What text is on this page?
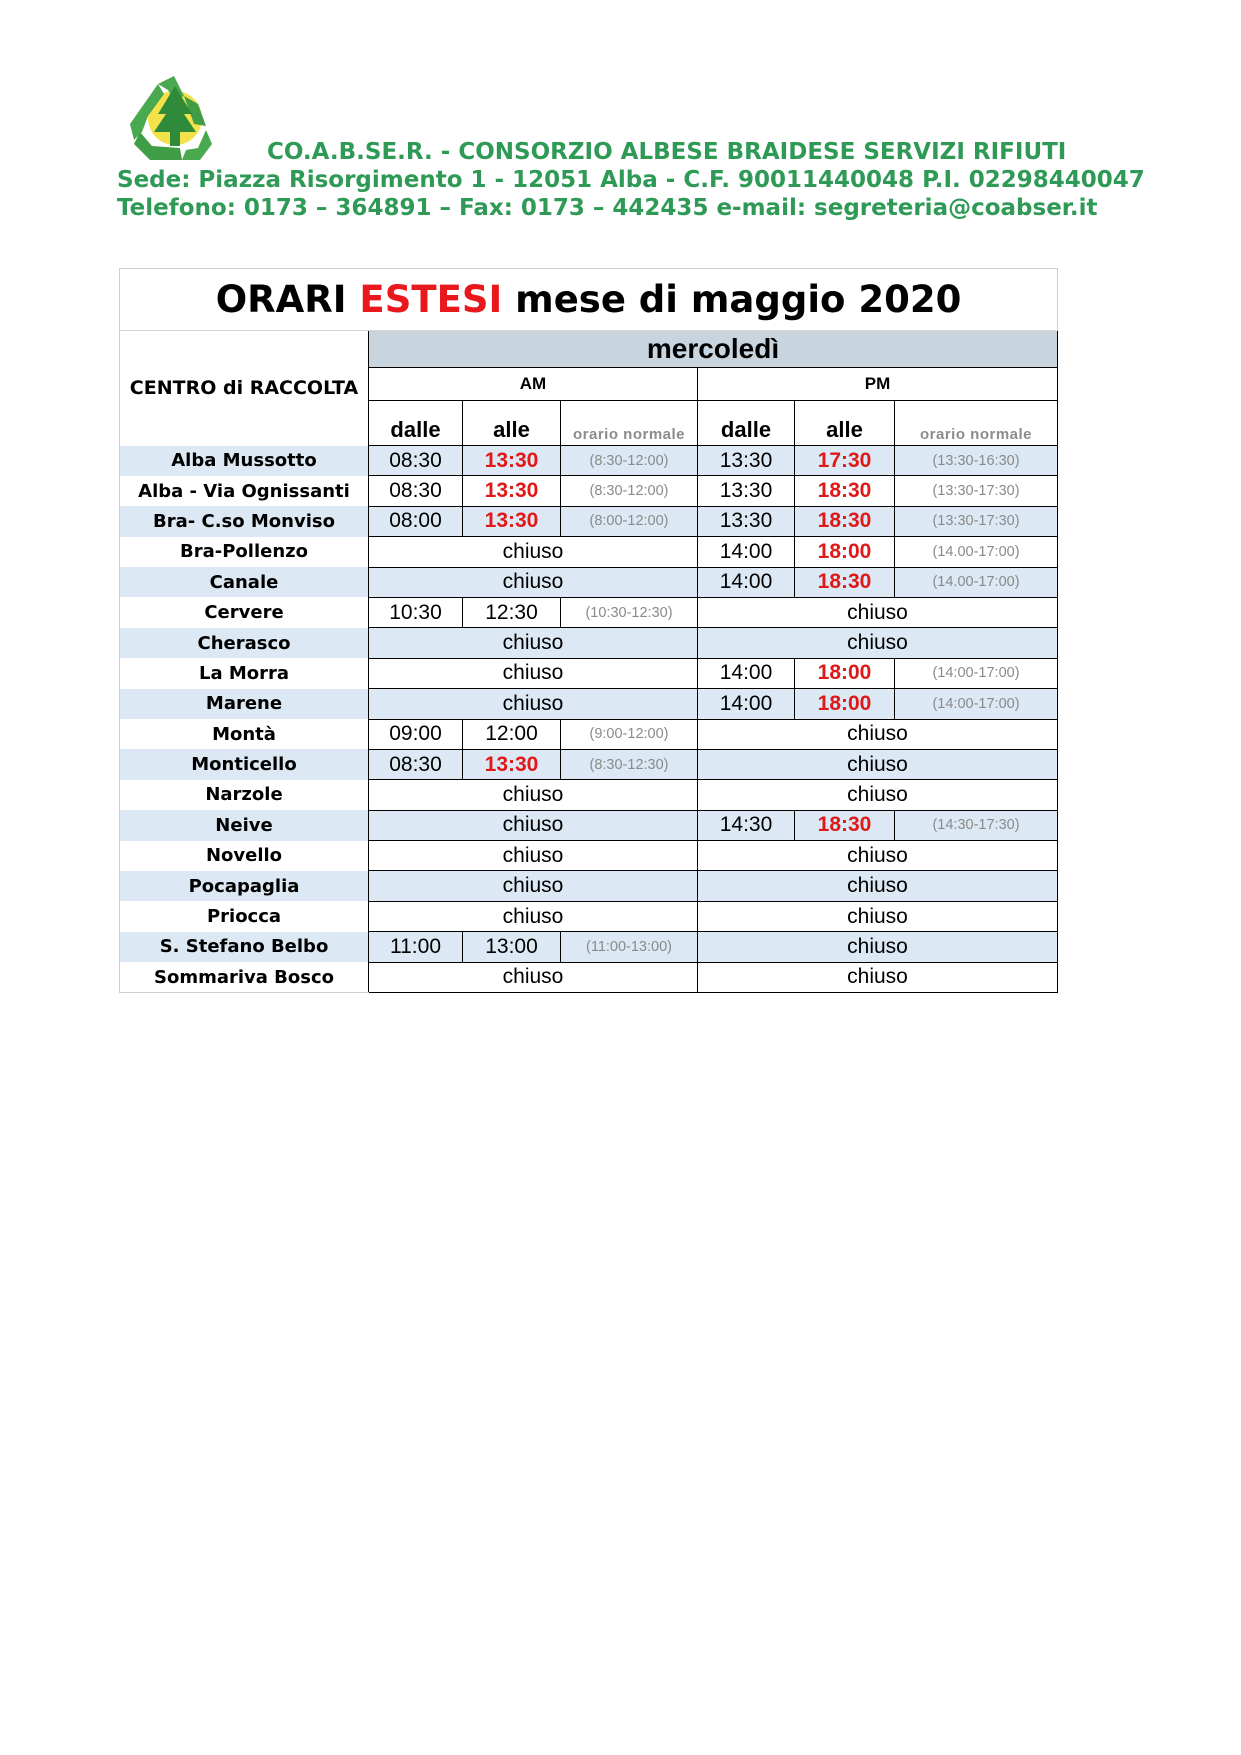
CO.A.B.SE.R. - CONSORZIO ALBESE BRAIDESE SERVIZI RIFIUTI
Sede: Piazza Risorgimento 1 - 12051 Alba - C.F. 90011440048 P.I. 02298440047
Telefono: 0173 – 364891 – Fax: 0173 – 442435 e-mail: segreteria@coabser.it
ORARI ESTESI mese di maggio 2020						
CENTRO di RACCOLTA	mercoledì					
	AM			PM		
	dalle	alle	orario normale	dalle	alle	orario normale
Alba Mussotto	08:30	13:30	(8:30-12:00)	13:30	17:30	(13:30-16:30)
Alba - Via Ognissanti	08:30	13:30	(8:30-12:00)	13:30	18:30	(13:30-17:30)
Bra- C.so Monviso	08:00	13:30	(8:00-12:00)	13:30	18:30	(13:30-17:30)
Bra-Pollenzo	chiuso			14:00	18:00	(14.00-17:00)
Canale	chiuso			14:00	18:30	(14.00-17:00)
Cervere	10:30	12:30	(10:30-12:30)	chiuso		
Cherasco	chiuso			chiuso		
La Morra	chiuso			14:00	18:00	(14:00-17:00)
Marene	chiuso			14:00	18:00	(14:00-17:00)
Montà	09:00	12:00	(9:00-12:00)	chiuso		
Monticello	08:30	13:30	(8:30-12:30)	chiuso		
Narzole	chiuso			chiuso		
Neive	chiuso			14:30	18:30	(14:30-17:30)
Novello	chiuso			chiuso		
Pocapaglia	chiuso			chiuso		
Priocca	chiuso			chiuso		
S. Stefano Belbo	11:00	13:00	(11:00-13:00)	chiuso		
Sommariva Bosco	chiuso			chiuso		
